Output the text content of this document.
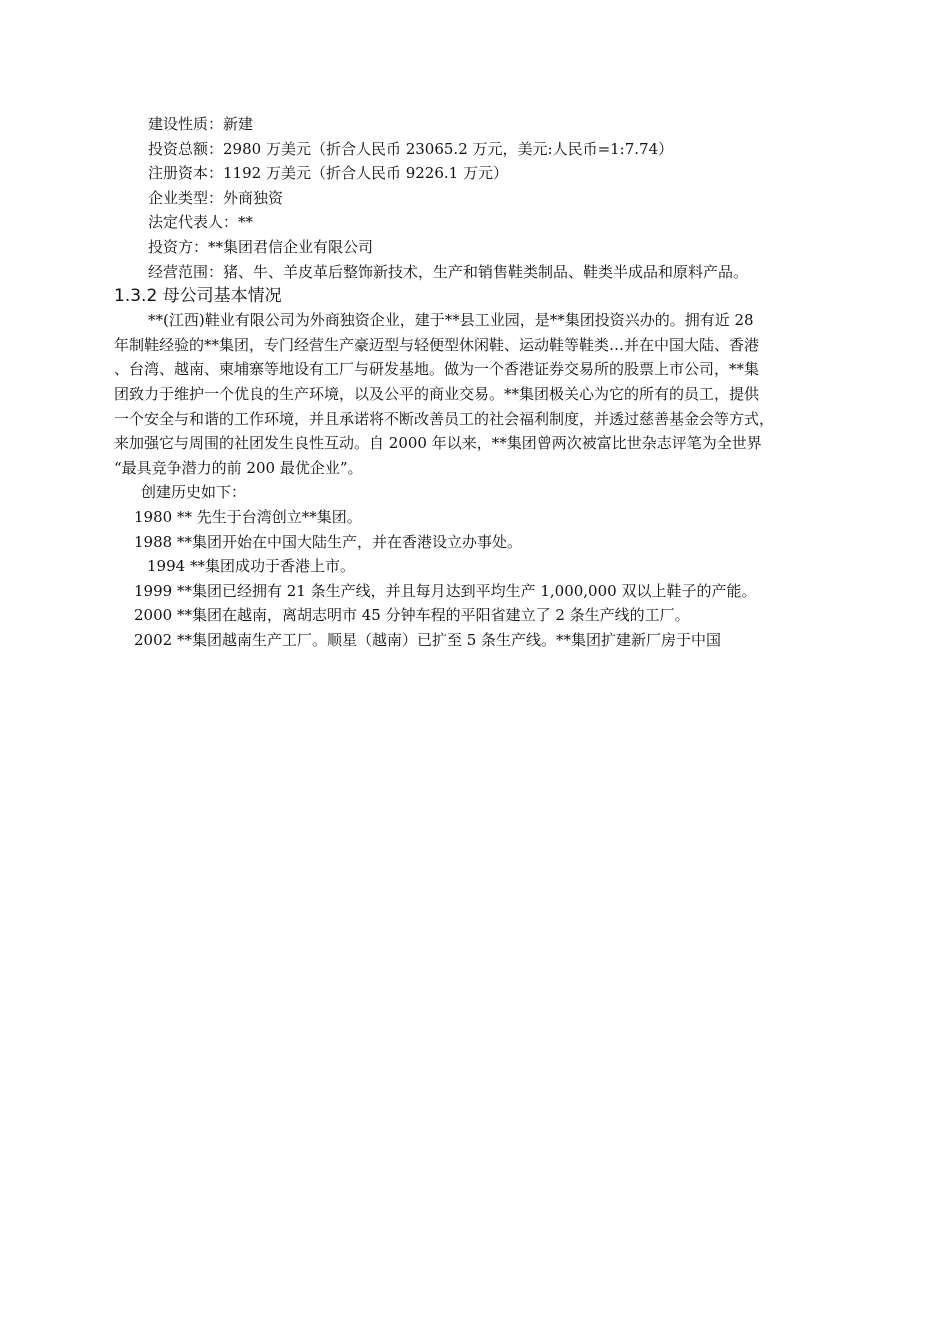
建设性质：新建
投资总额：2980 万美元（折合人民币 23065.2 万元，美元:人民币=1:7.74）
注册资本：1192 万美元（折合人民币 9226.1 万元）
企业类型：外商独资
法定代表人：**
投资方：**集团君信企业有限公司
经营范围：猪、牛、羊皮革后整饰新技术，生产和销售鞋类制品、鞋类半成品和原料产品。
1.3.2 母公司基本情况
**(江西)鞋业有限公司为外商独资企业，建于**县工业园，是**集团投资兴办的。拥有近 28
年制鞋经验的**集团，专门经营生产豪迈型与轻便型休闲鞋、运动鞋等鞋类…并在中国大陆、香港
、台湾、越南、柬埔寨等地设有工厂与研发基地。做为一个香港证券交易所的股票上市公司，**集
团致力于维护一个优良的生产环境，以及公平的商业交易。**集团极关心为它的所有的员工，提供
一个安全与和谐的工作环境，并且承诺将不断改善员工的社会福利制度，并透过慈善基金会等方式，
来加强它与周围的社团发生良性互动。自 2000 年以来，**集团曾两次被富比世杂志评笔为全世界
“最具竞争潜力的前 200 最优企业”。
创建历史如下：
1980 ** 先生于台湾创立**集团。
1988 **集团开始在中国大陆生产，并在香港设立办事处。
1994 **集团成功于香港上市。
1999 **集团已经拥有 21 条生产线，并且每月达到平均生产 1,000,000 双以上鞋子的产能。
2000 **集团在越南，离胡志明市 45 分钟车程的平阳省建立了 2 条生产线的工厂。
2002 **集团越南生产工厂。顺星（越南）已扩至 5 条生产线。**集团扩建新厂房于中国
